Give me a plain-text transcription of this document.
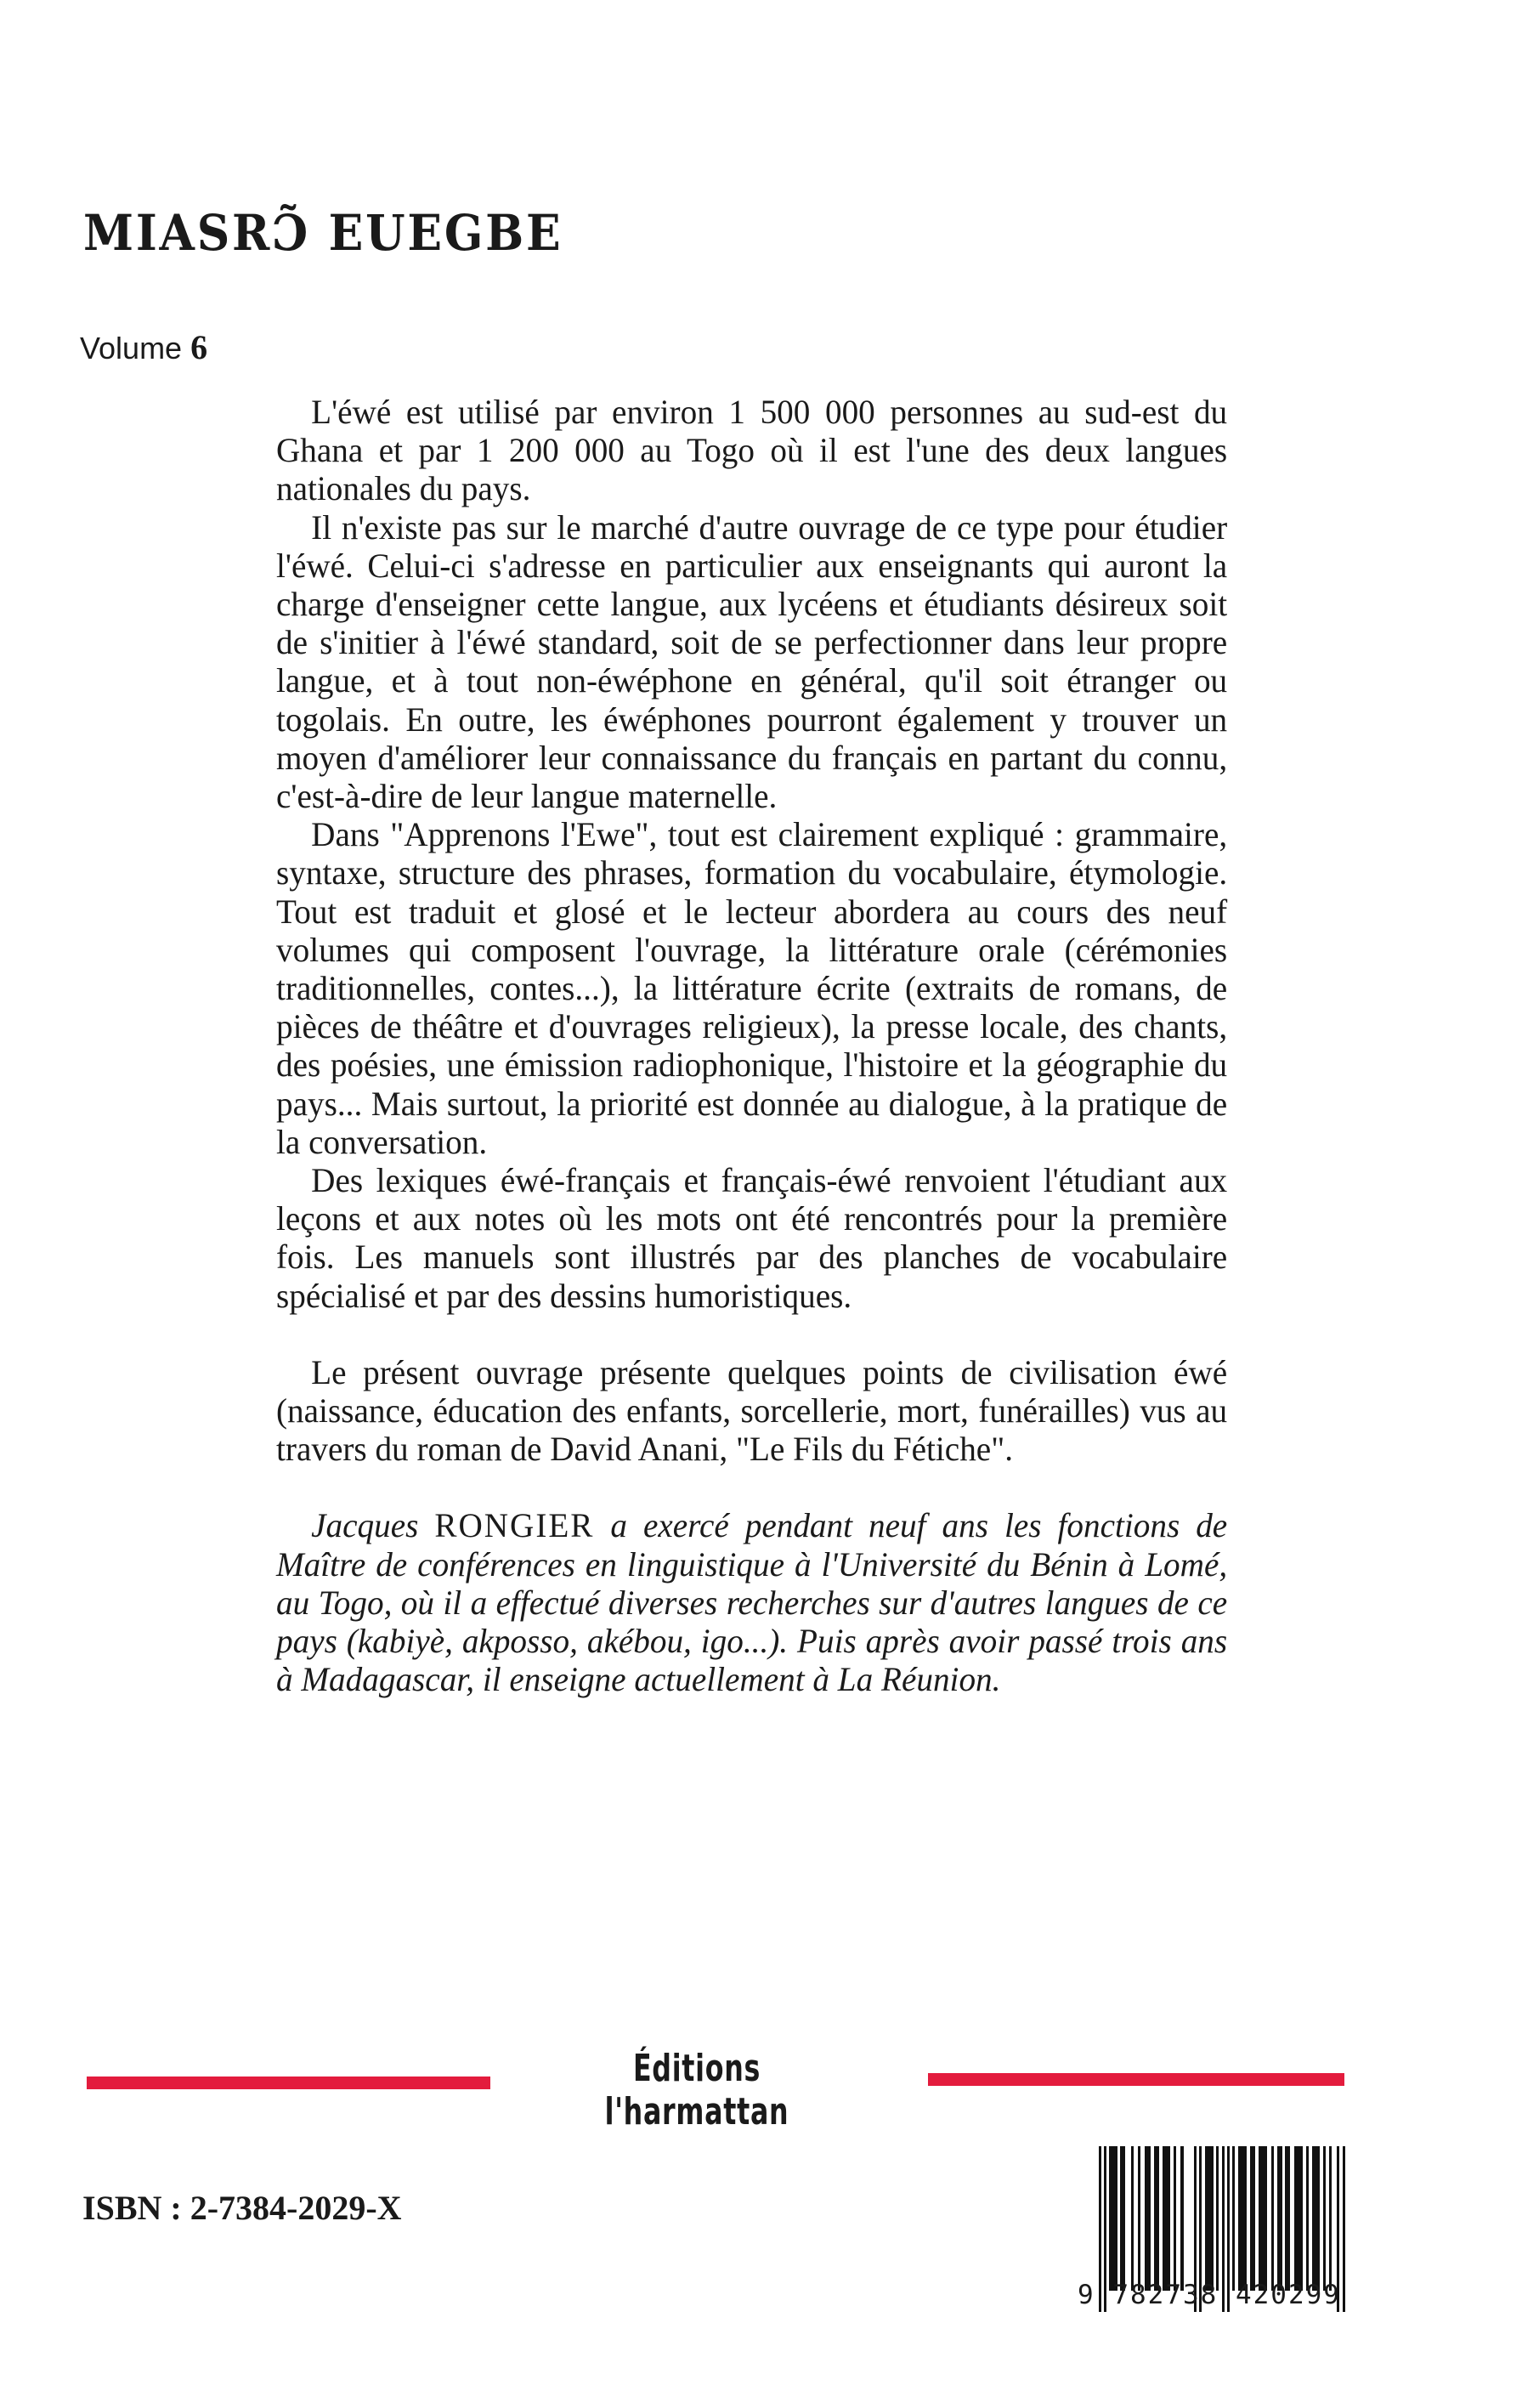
MIASRƆ̃ EUEGBE
Volume 6

L'éwé est utilisé par environ 1 500 000 personnes au sud-est du Ghana et par 1 200 000 au Togo où il est l'une des deux langues nationales du pays.

Il n'existe pas sur le marché d'autre ouvrage de ce type pour étudier l'éwé. Celui-ci s'adresse en particulier aux enseignants qui auront la charge d'enseigner cette langue, aux lycéens et étudiants désireux soit de s'initier à l'éwé standard, soit de se perfectionner dans leur propre langue, et à tout non-éwéphone en général, qu'il soit étranger ou togolais. En outre, les éwéphones pourront également y trouver un moyen d'améliorer leur connaissance du français en partant du connu, c'est-à-dire de leur langue maternelle.

Dans "Apprenons l'Ewe", tout est clairement expliqué : grammaire, syntaxe, structure des phrases, formation du vocabulaire, étymologie. Tout est traduit et glosé et le lecteur abordera au cours des neuf volumes qui composent l'ouvrage, la littérature orale (cérémonies traditionnelles, contes...), la littérature écrite (extraits de romans, de pièces de théâtre et d'ouvrages religieux), la presse locale, des chants, des poésies, une émission radiophonique, l'histoire et la géographie du pays... Mais surtout, la priorité est donnée au dialogue, à la pratique de la conversation.

Des lexiques éwé-français et français-éwé renvoient l'étudiant aux leçons et aux notes où les mots ont été rencontrés pour la première fois. Les manuels sont illustrés par des planches de vocabulaire spécialisé et par des dessins humoristiques.

Le présent ouvrage présente quelques points de civilisation éwé (naissance, éducation des enfants, sorcellerie, mort, funérailles) vus au travers du roman de David Anani, "Le Fils du Fétiche".

Jacques RONGIER a exercé pendant neuf ans les fonctions de Maître de conférences en linguistique à l'Université du Bénin à Lomé, au Togo, où il a effectué diverses recherches sur d'autres langues de ce pays (kabiyè, akposso, akébou, igo...). Puis après avoir passé trois ans à Madagascar, il enseigne actuellement à La Réunion.

Éditions l'harmattan
ISBN : 2-7384-2029-X
9 782738 420299
